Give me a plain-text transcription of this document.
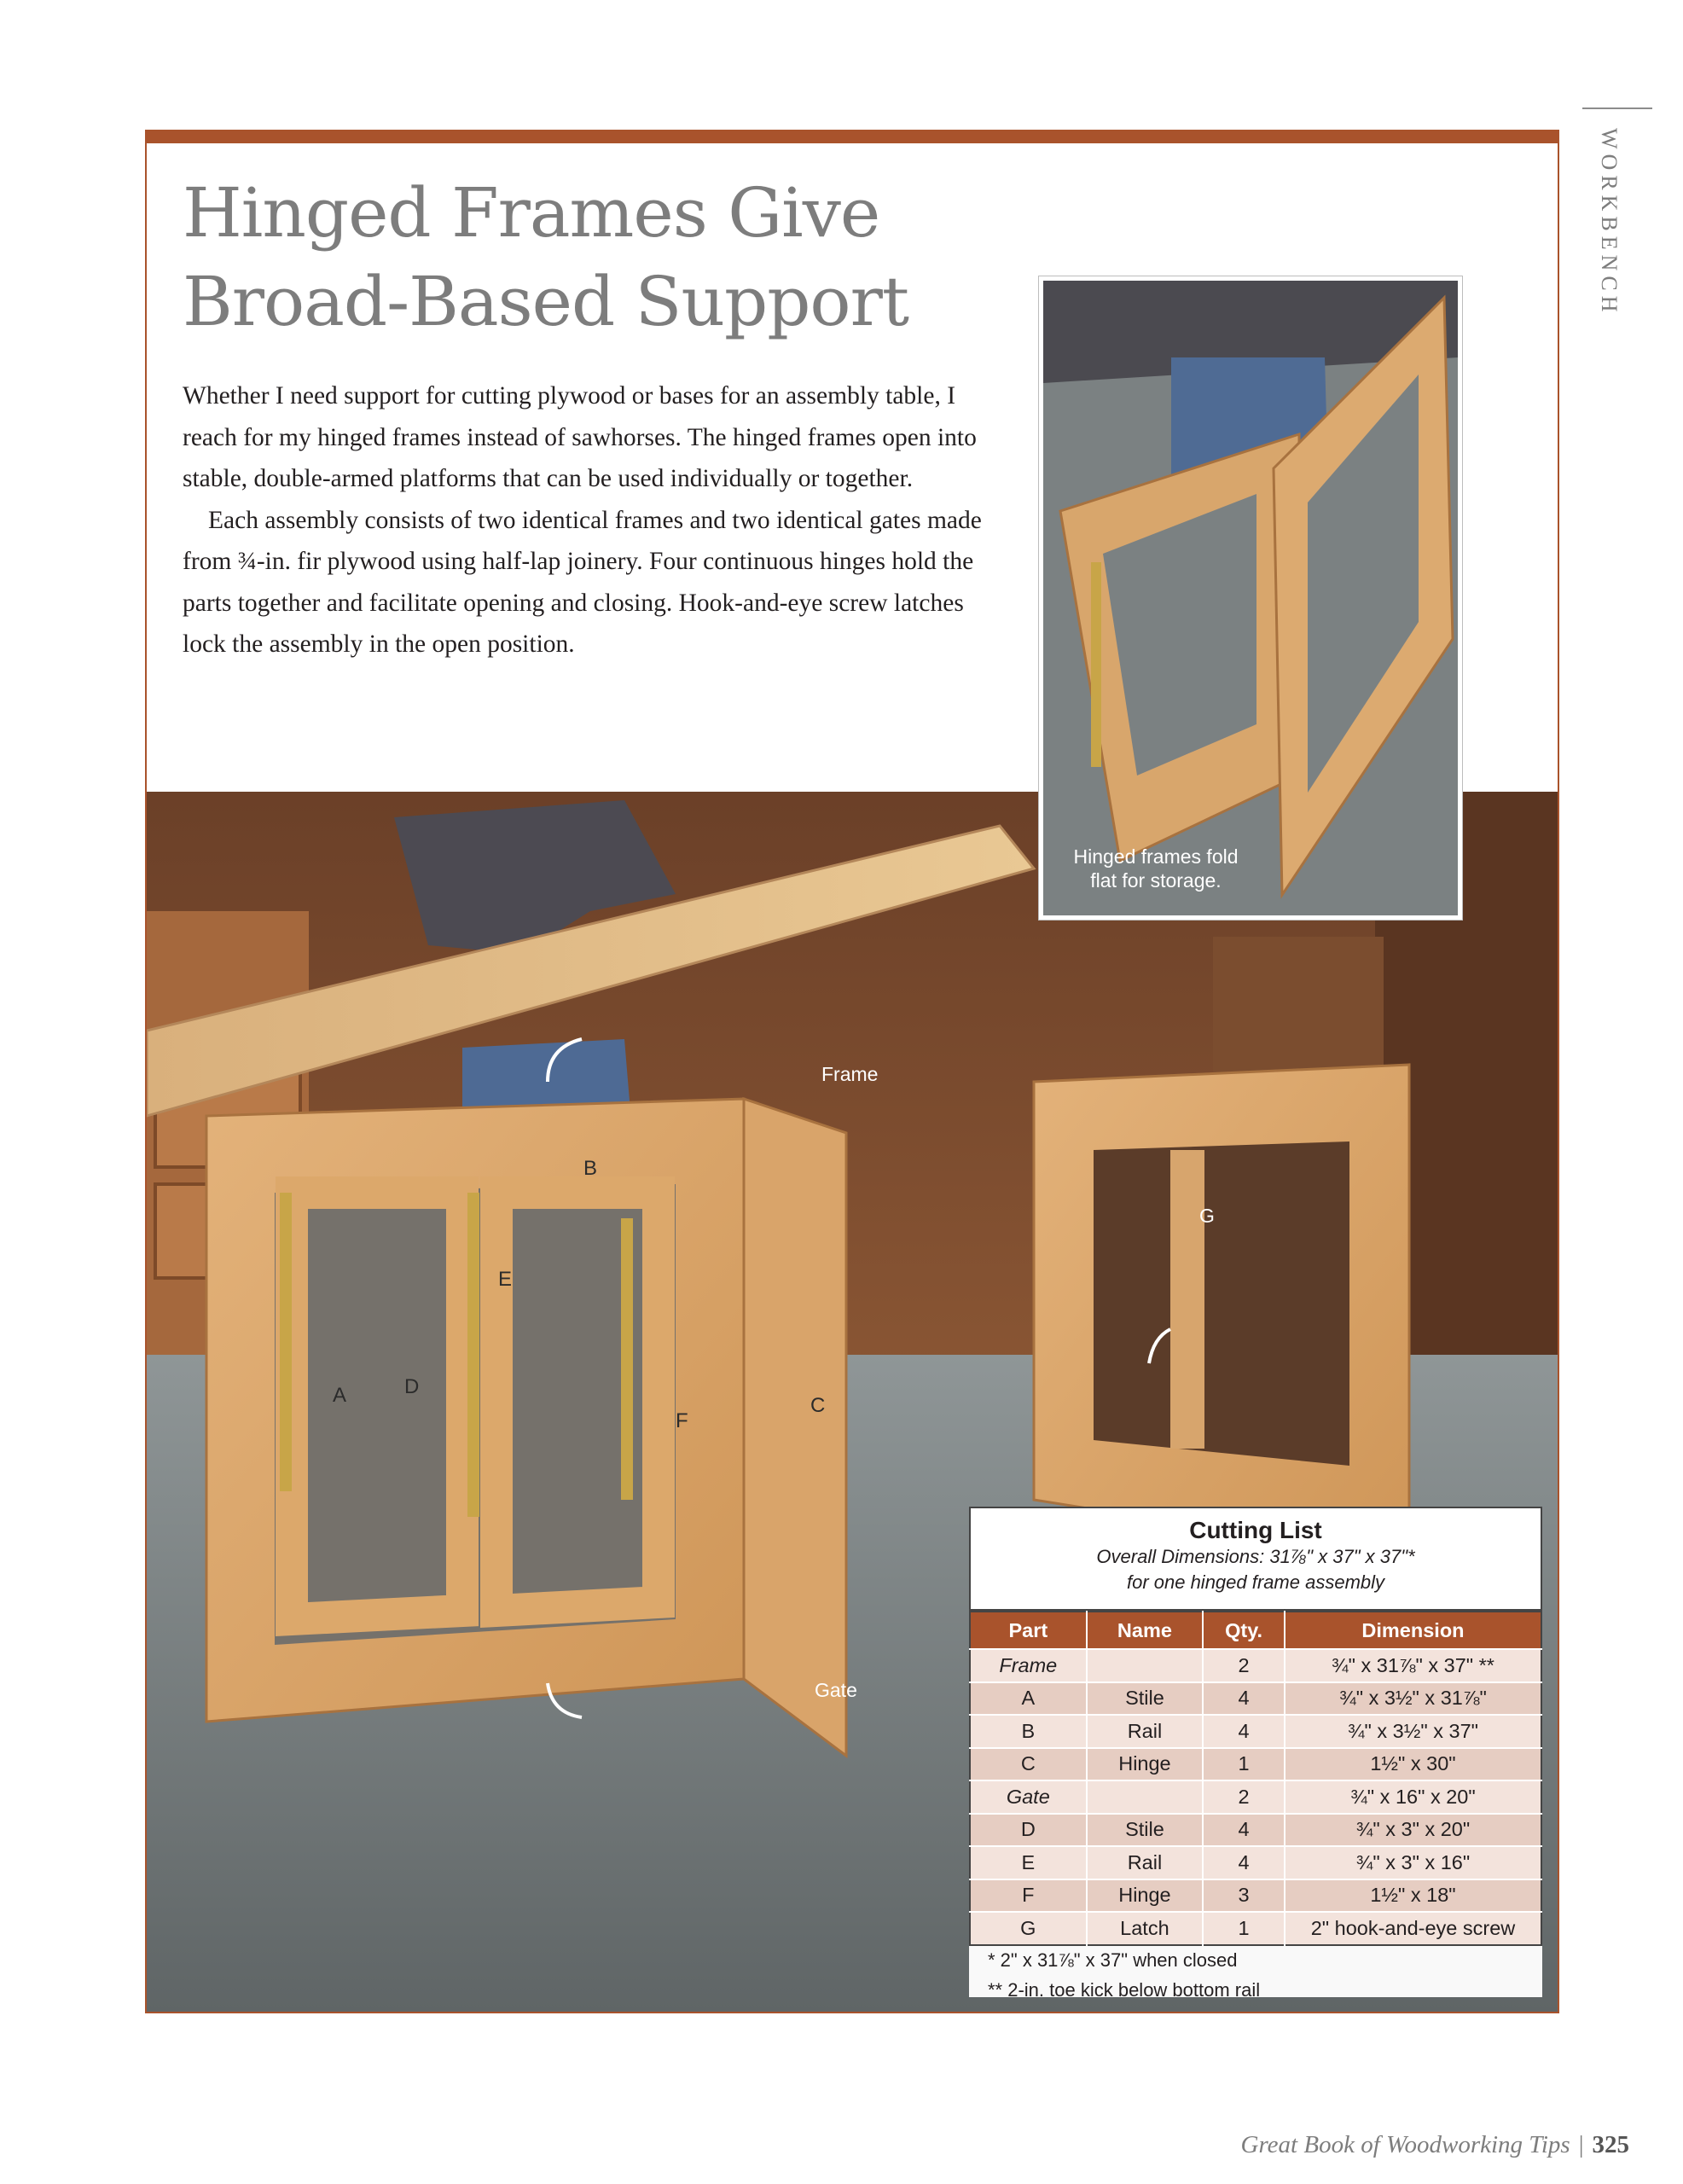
WORKBENCH
Hinged Frames Give
Broad-Based Support

Whether I need support for cutting plywood or bases for an assembly table, I reach for my hinged frames instead of sawhorses. The hinged frames open into stable, double-armed platforms that can be used individually or together.

Each assembly consists of two identical frames and two identical gates made from ¾-in. fir plywood using half-lap joinery. Four continuous hinges hold the parts together and facilitate opening and closing. Hook-and-eye screw latches lock the assembly in the open position.

Frame
Gate
G
A
B
C
D
E
F
Hinged frames fold flat for storage.
Cutting List
Overall Dimensions: 31⅞" x 37" x 37"*
for one hinged frame assembly
Part	Name	Qty.	Dimension
Frame		2	¾" x 31⅞" x 37" **
A	Stile	4	¾" x 3½" x 31⅞"
B	Rail	4	¾" x 3½" x 37"
C	Hinge	1	1½" x 30"
Gate		2	¾" x 16" x 20"
D	Stile	4	¾" x 3" x 20"
E	Rail	4	¾" x 3" x 16"
F	Hinge	3	1½" x 18"
G	Latch	1	2" hook-and-eye screw
* 2" x 31⅞" x 37" when closed
** 2-in. toe kick below bottom rail
Great Book of Woodworking Tips | 325
